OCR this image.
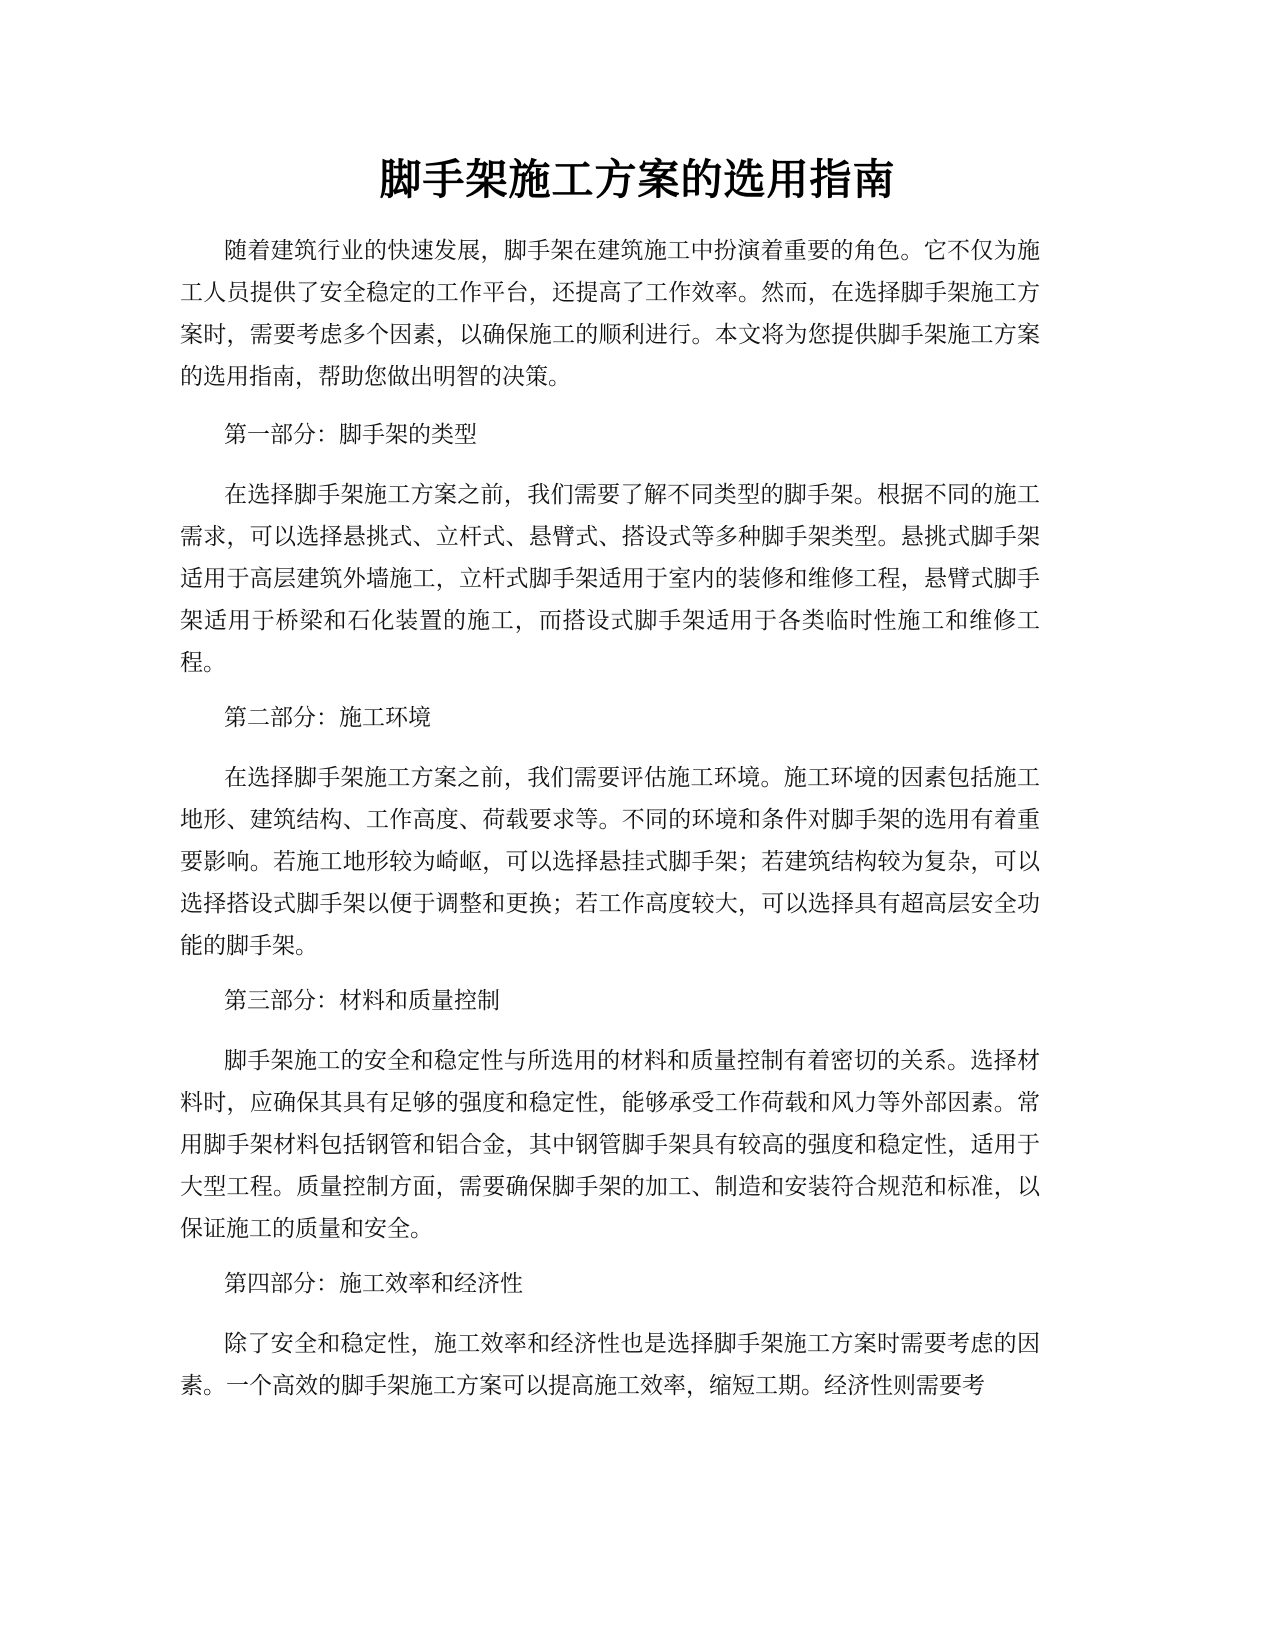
脚手架施工方案的选用指南

随着建筑行业的快速发展，脚手架在建筑施工中扮演着重要的角色。它不仅为施工人员提供了安全稳定的工作平台，还提高了工作效率。然而，在选择脚手架施工方案时，需要考虑多个因素，以确保施工的顺利进行。本文将为您提供脚手架施工方案的选用指南，帮助您做出明智的决策。

第一部分：脚手架的类型

在选择脚手架施工方案之前，我们需要了解不同类型的脚手架。根据不同的施工需求，可以选择悬挑式、立杆式、悬臂式、搭设式等多种脚手架类型。悬挑式脚手架适用于高层建筑外墙施工，立杆式脚手架适用于室内的装修和维修工程，悬臂式脚手架适用于桥梁和石化装置的施工，而搭设式脚手架适用于各类临时性施工和维修工程。

第二部分：施工环境

在选择脚手架施工方案之前，我们需要评估施工环境。施工环境的因素包括施工地形、建筑结构、工作高度、荷载要求等。不同的环境和条件对脚手架的选用有着重要影响。若施工地形较为崎岖，可以选择悬挂式脚手架；若建筑结构较为复杂，可以选择搭设式脚手架以便于调整和更换；若工作高度较大，可以选择具有超高层安全功能的脚手架。

第三部分：材料和质量控制

脚手架施工的安全和稳定性与所选用的材料和质量控制有着密切的关系。选择材料时，应确保其具有足够的强度和稳定性，能够承受工作荷载和风力等外部因素。常用脚手架材料包括钢管和铝合金，其中钢管脚手架具有较高的强度和稳定性，适用于大型工程。质量控制方面，需要确保脚手架的加工、制造和安装符合规范和标准，以保证施工的质量和安全。

第四部分：施工效率和经济性

除了安全和稳定性，施工效率和经济性也是选择脚手架施工方案时需要考虑的因素。一个高效的脚手架施工方案可以提高施工效率，缩短工期。经济性则需要考
